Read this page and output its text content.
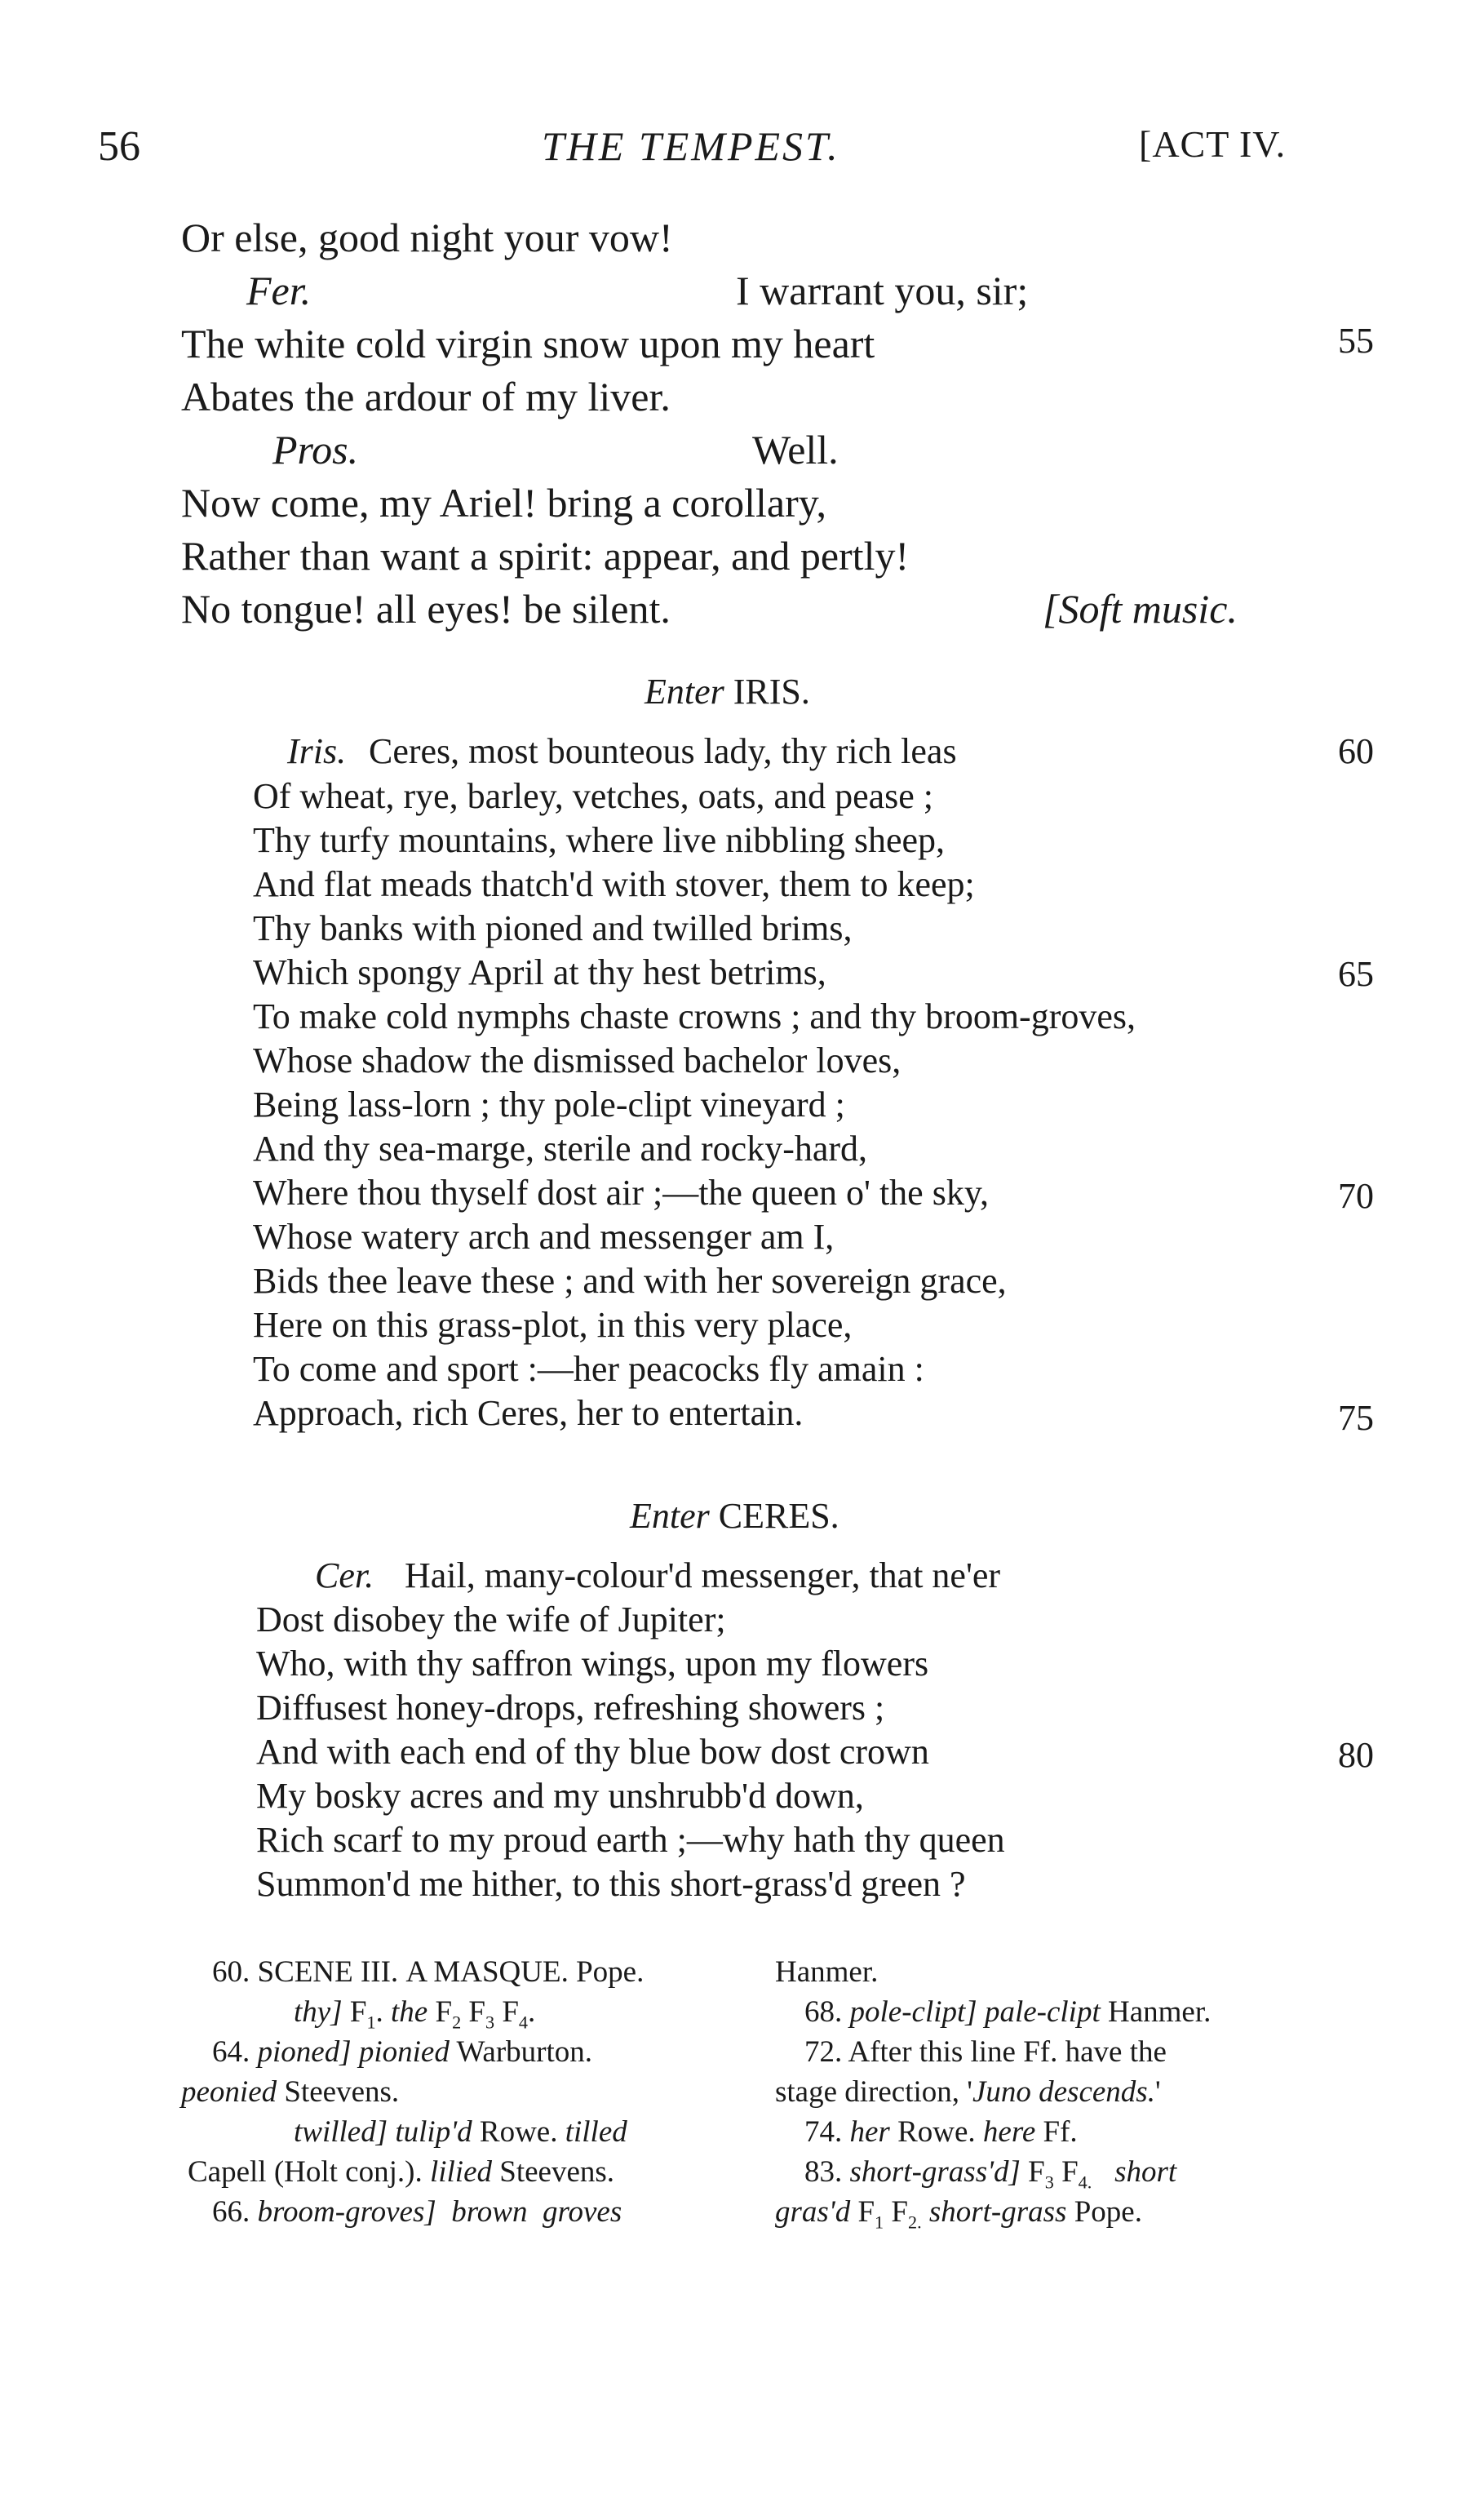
56	THE TEMPEST.	[ACT IV.
Or else, good night your vow!
Fer.	I warrant you, sir;
The white cold virgin snow upon my heart	55
Abates the ardour of my liver.
Pros.	Well.
Now come, my Ariel! bring a corollary,
Rather than want a spirit: appear, and pertly!
No tongue! all eyes! be silent.	[Soft music.
Enter IRIS.
Iris. Ceres, most bounteous lady, thy rich leas	60
Of wheat, rye, barley, vetches, oats, and pease ;
Thy turfy mountains, where live nibbling sheep,
And flat meads thatch'd with stover, them to keep;
Thy banks with pioned and twilled brims,
Which spongy April at thy hest betrims,	65
To make cold nymphs chaste crowns ; and thy broom-groves,
Whose shadow the dismissed bachelor loves,
Being lass-lorn ; thy pole-clipt vineyard ;
And thy sea-marge, sterile and rocky-hard,
Where thou thyself dost air ;—the queen o' the sky,	70
Whose watery arch and messenger am I,
Bids thee leave these ; and with her sovereign grace,
Here on this grass-plot, in this very place,
To come and sport :—her peacocks fly amain :
Approach, rich Ceres, her to entertain.	75
Enter CERES.
Cer. Hail, many-colour'd messenger, that ne'er
Dost disobey the wife of Jupiter;
Who, with thy saffron wings, upon my flowers
Diffusest honey-drops, refreshing showers ;
And with each end of thy blue bow dost crown	80
My bosky acres and my unshrubb'd down,
Rich scarf to my proud earth ;—why hath thy queen
Summon'd me hither, to this short-grass'd green ?
60. SCENE III. A MASQUE. Pope.
thy] $F_1$. the $F_2$ $F_3$ $F_4$.
64. pioned] pionied Warburton.
peonied Steevens.
twilled] tulip'd Rowe. tilled
Capell (Holt conj.). lilied Steevens.
66. broom-groves] brown groves
Hanmer.
68. pole-clipt] pale-clipt Hanmer.
72. After this line Ff. have the
stage direction, 'Juno descends.'
74. her Rowe. here Ff.
83. short-grass'd] $F_3$ $F_{4.}$ short
gras'd $F_1$ $F_{2.}$ short-grass Pope.
